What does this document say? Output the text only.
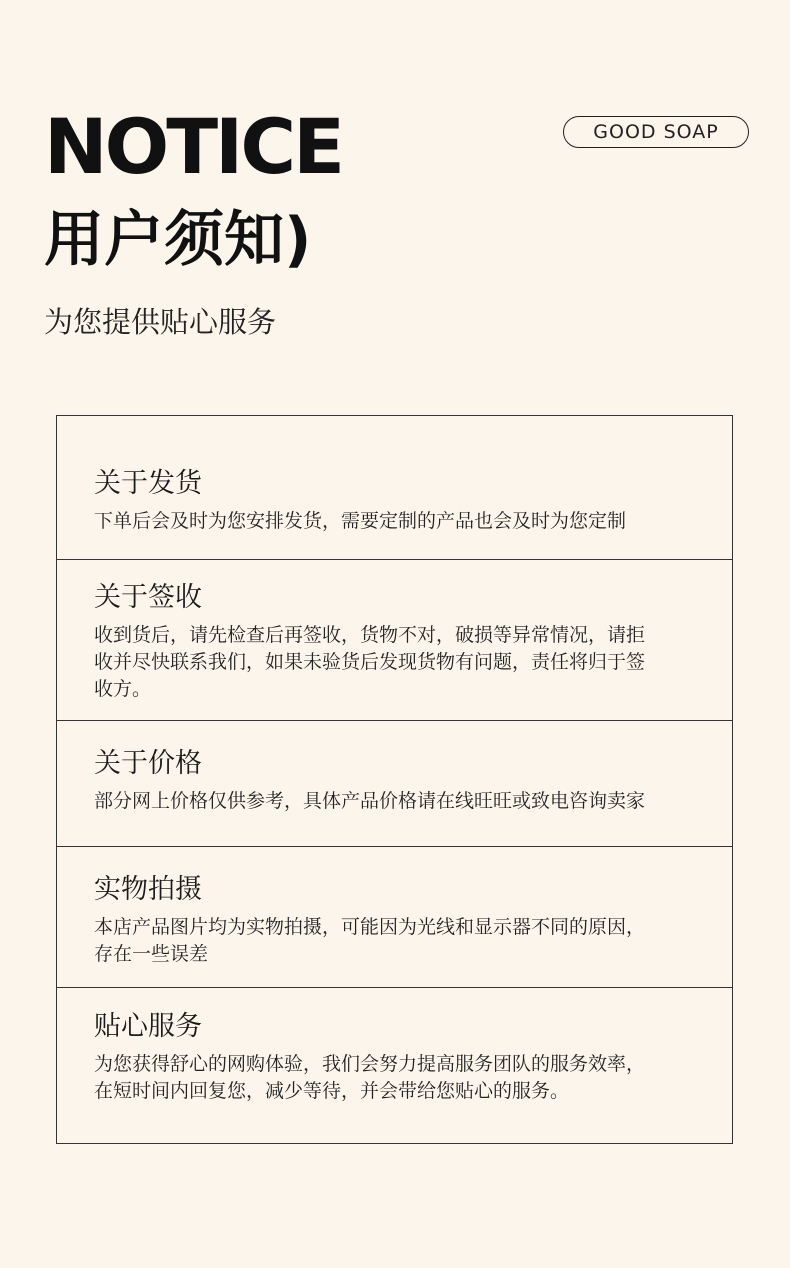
NOTICE	GOOD SOAP
用户须知)
为您提供贴心服务
关于发货
下单后会及时为您安排发货，需要定制的产品也会及时为您定制
关于签收
收到货后，请先检查后再签收，货物不对，破损等异常情况，请拒
收并尽快联系我们，如果未验货后发现货物有问题，责任将归于签
收方。
关于价格
部分网上价格仅供参考，具体产品价格请在线旺旺或致电咨询卖家
实物拍摄
本店产品图片均为实物拍摄，可能因为光线和显示器不同的原因，
存在一些误差
贴心服务
为您获得舒心的网购体验，我们会努力提高服务团队的服务效率，
在短时间内回复您，减少等待，并会带给您贴心的服务。
